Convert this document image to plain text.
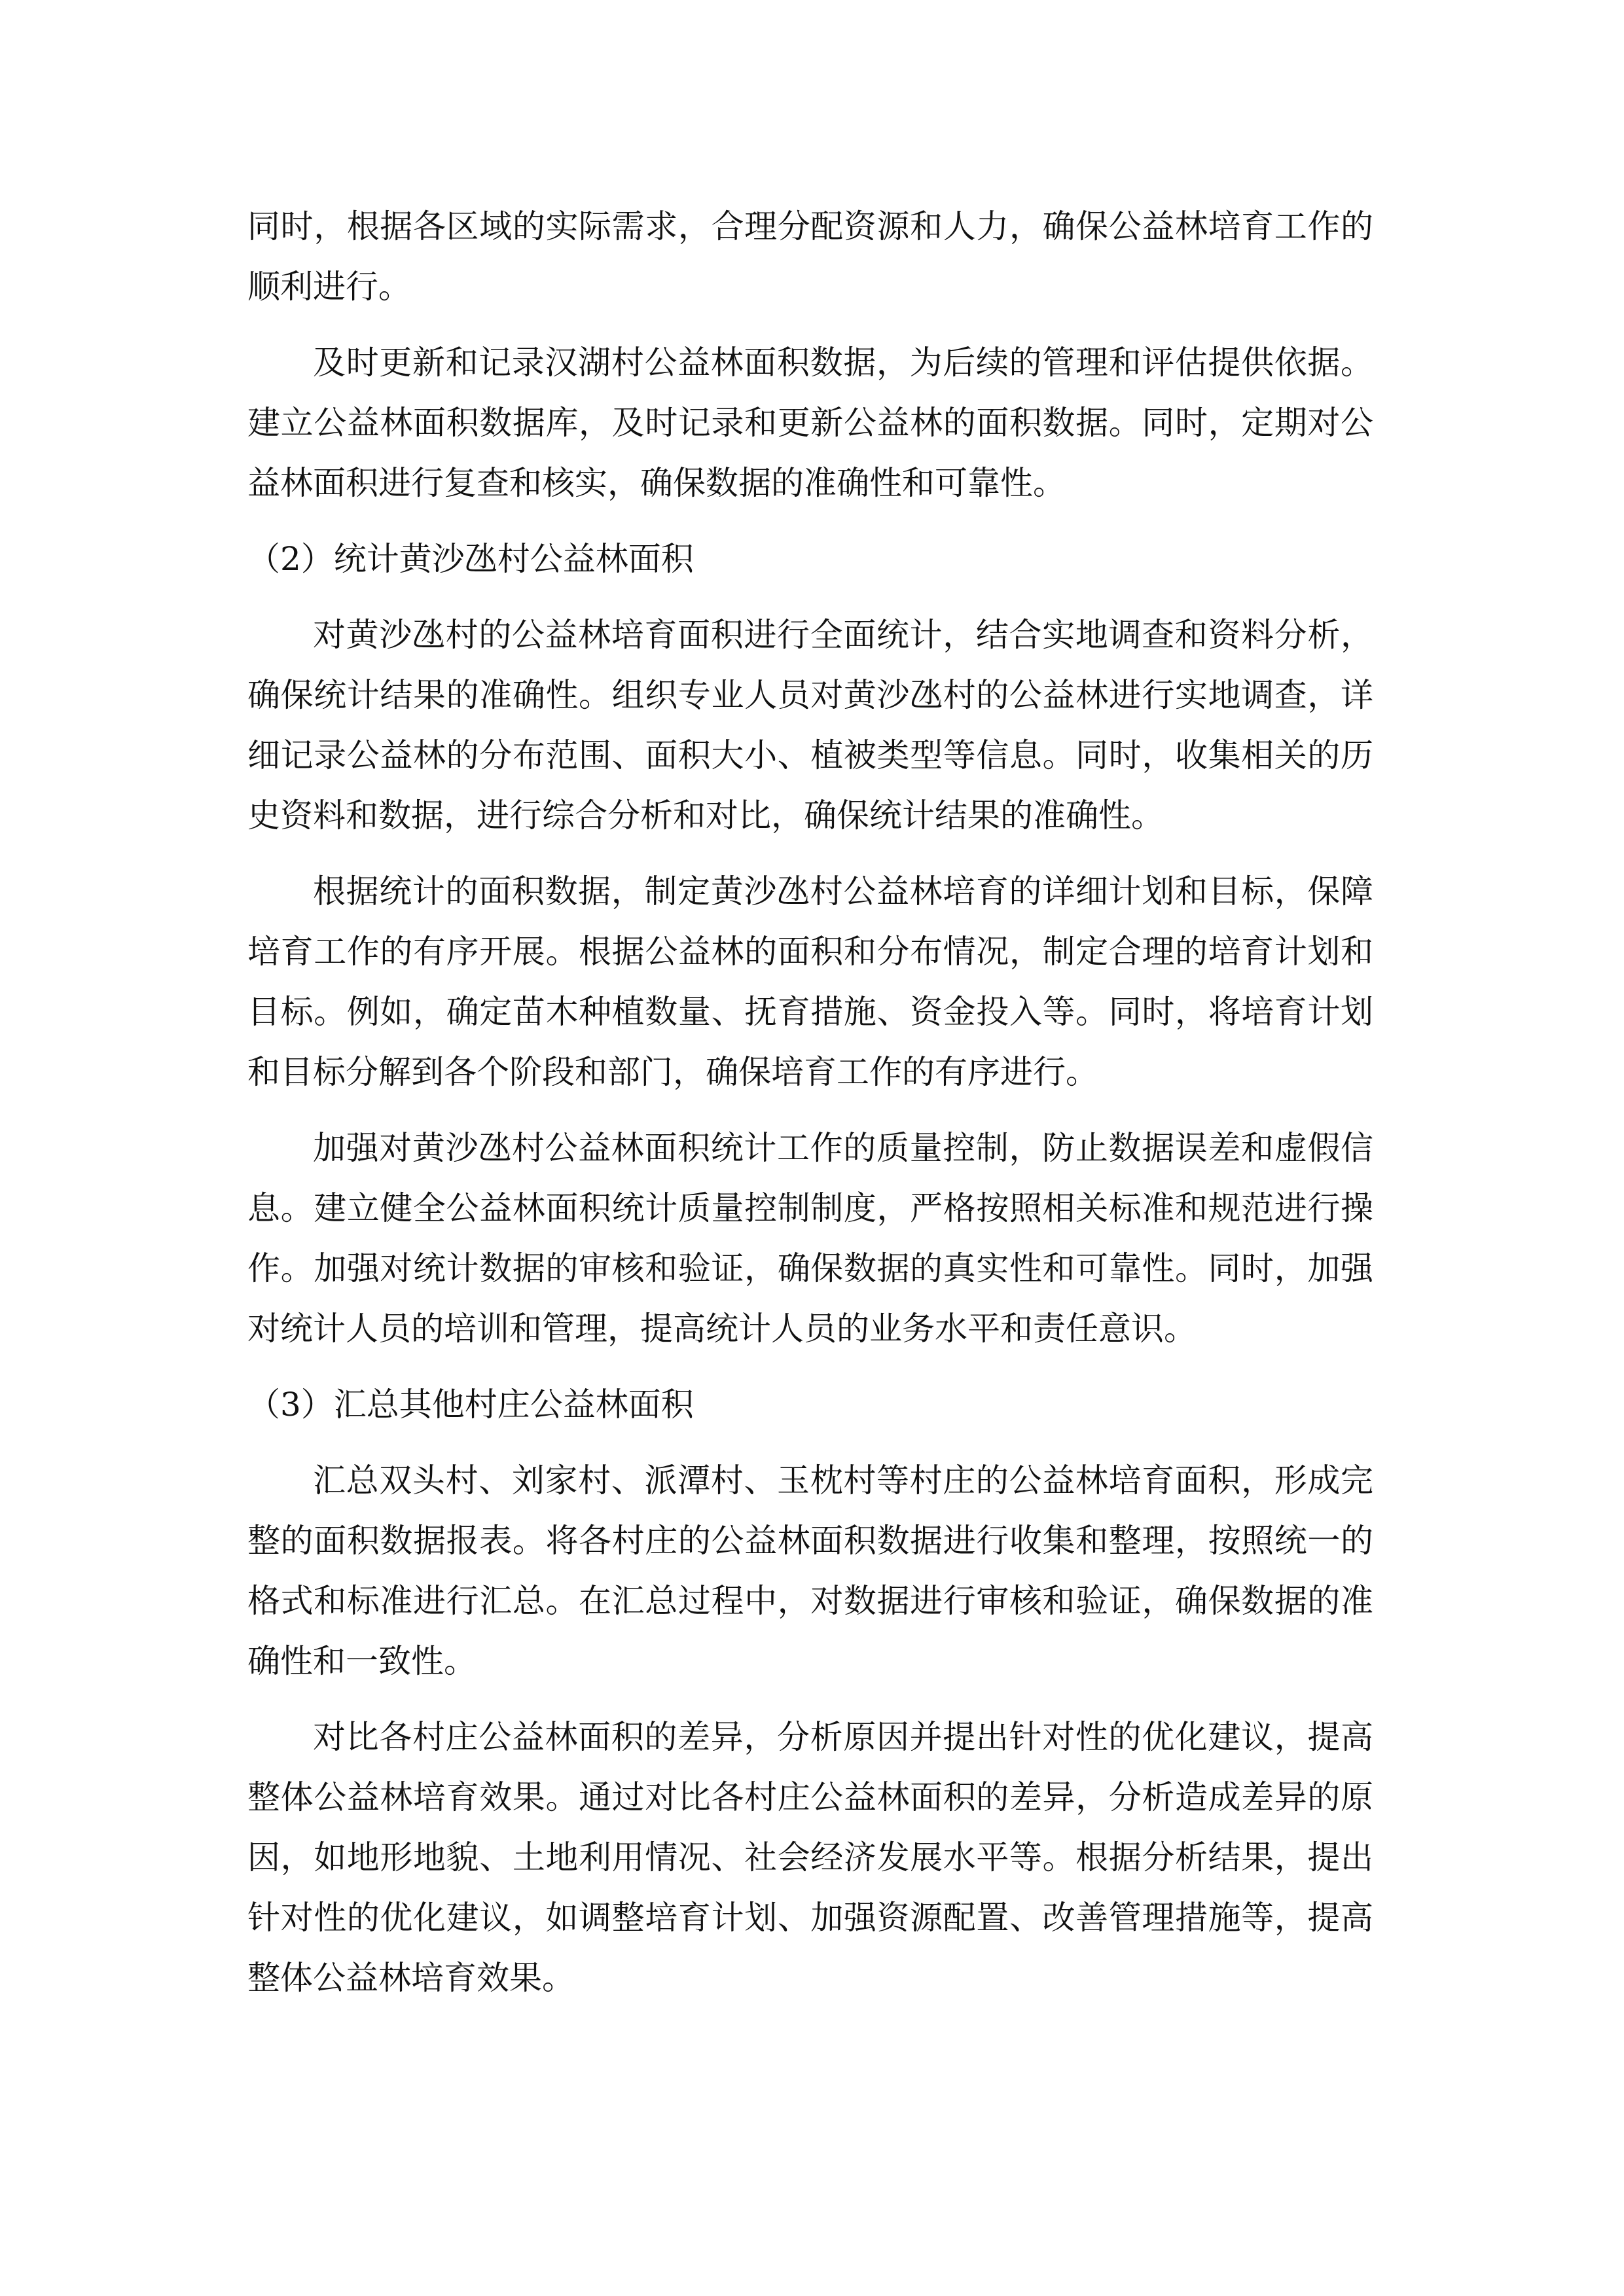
同时，根据各区域的实际需求，合理分配资源和人力，确保公益林培育工作的顺利进行。

及时更新和记录汉湖村公益林面积数据，为后续的管理和评估提供依据。建立公益林面积数据库，及时记录和更新公益林的面积数据。同时，定期对公益林面积进行复查和核实，确保数据的准确性和可靠性。

（2）统计黄沙氹村公益林面积

对黄沙氹村的公益林培育面积进行全面统计，结合实地调查和资料分析，确保统计结果的准确性。组织专业人员对黄沙氹村的公益林进行实地调查，详细记录公益林的分布范围、面积大小、植被类型等信息。同时，收集相关的历史资料和数据，进行综合分析和对比，确保统计结果的准确性。

根据统计的面积数据，制定黄沙氹村公益林培育的详细计划和目标，保障培育工作的有序开展。根据公益林的面积和分布情况，制定合理的培育计划和目标。例如，确定苗木种植数量、抚育措施、资金投入等。同时，将培育计划和目标分解到各个阶段和部门，确保培育工作的有序进行。

加强对黄沙氹村公益林面积统计工作的质量控制，防止数据误差和虚假信息。建立健全公益林面积统计质量控制制度，严格按照相关标准和规范进行操作。加强对统计数据的审核和验证，确保数据的真实性和可靠性。同时，加强对统计人员的培训和管理，提高统计人员的业务水平和责任意识。

（3）汇总其他村庄公益林面积

汇总双头村、刘家村、派潭村、玉枕村等村庄的公益林培育面积，形成完整的面积数据报表。将各村庄的公益林面积数据进行收集和整理，按照统一的格式和标准进行汇总。在汇总过程中，对数据进行审核和验证，确保数据的准确性和一致性。

对比各村庄公益林面积的差异，分析原因并提出针对性的优化建议，提高整体公益林培育效果。通过对比各村庄公益林面积的差异，分析造成差异的原因，如地形地貌、土地利用情况、社会经济发展水平等。根据分析结果，提出针对性的优化建议，如调整培育计划、加强资源配置、改善管理措施等，提高整体公益林培育效果。
